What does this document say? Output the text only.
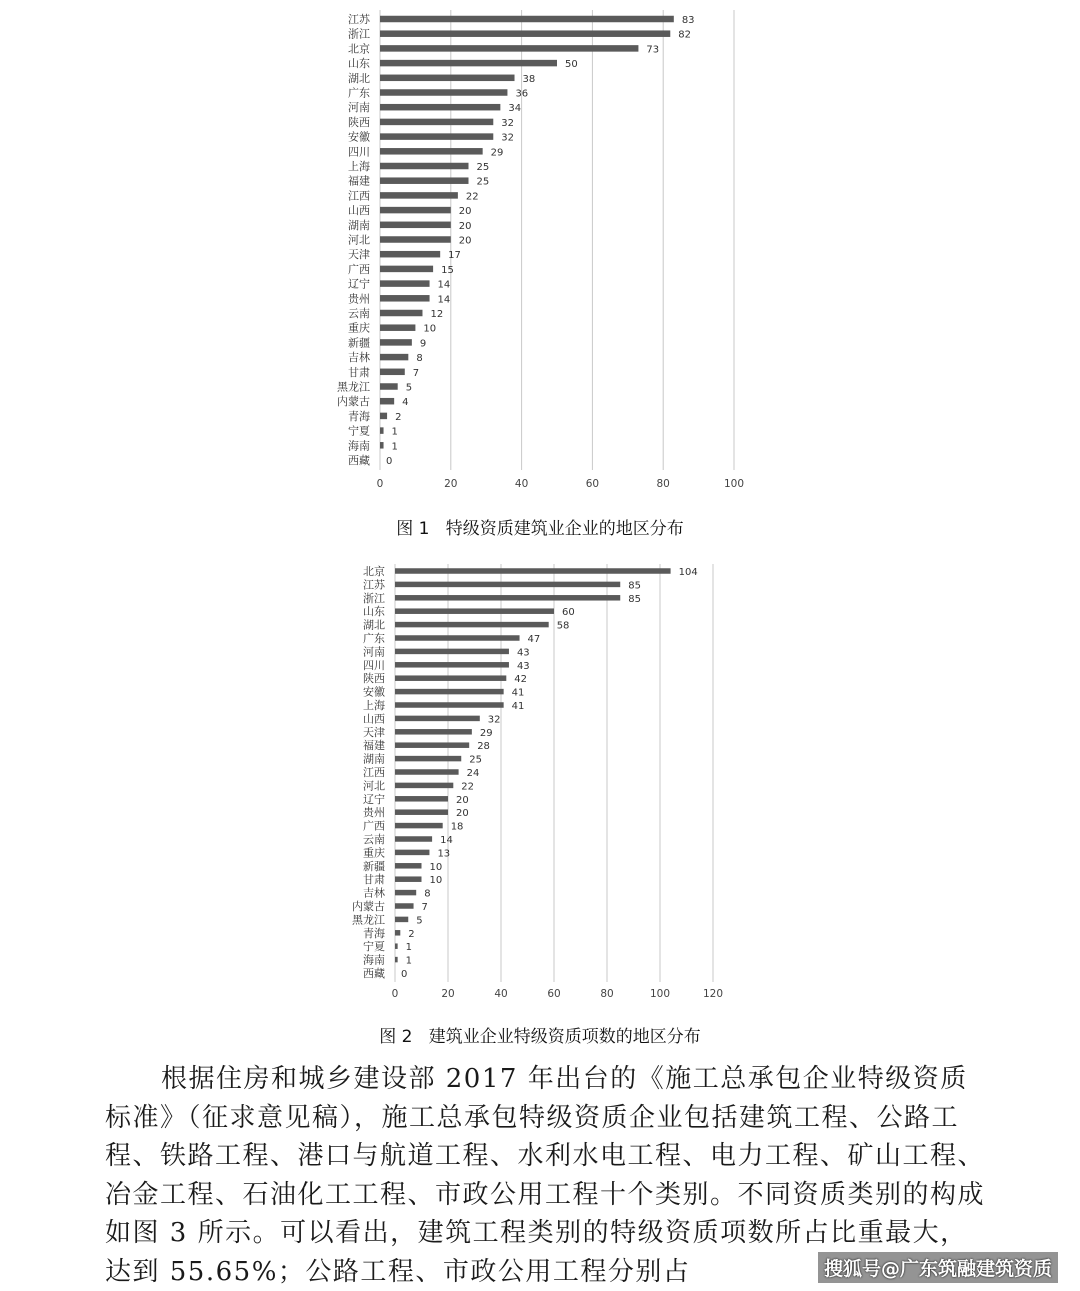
0	20	40	60	80	100
江苏	83
浙江	82
北京	73
山东	50
湖北	38
广东	36
河南	34
陕西	32
安徽	32
四川	29
上海	25
福建	25
江西	22
山西	20
湖南	20
河北	20
天津	17
广西	15
辽宁	14
贵州	14
云南	12
重庆	10
新疆	9
吉林	8
甘肃	7
黑龙江	5
内蒙古	4
青海	2
宁夏 1
海南 1
西藏 0
图 1   特级资质建筑业企业的地区分布
0	20	40	60	80	100	120
北京	104
江苏	85
浙江	85
山东	60
湖北	58
广东	47
河南	43
四川	43
陕西	42
安徽	41
上海	41
山西	32
天津	29
福建	28
湖南	25
江西	24
河北	22
辽宁	20
贵州	20
广西	18
云南	14
重庆	13
新疆	10
甘肃	10
吉林	8
内蒙古	7
黑龙江	5
青海 2
宁夏 1
海南 1
西藏 0
图 2   建筑业企业特级资质项数的地区分布

根据住房和城乡建设部 2017 年出台的《施工总承包企业特级资质标准》（征求意见稿），施工总承包特级资质企业包括建筑工程、公路工程、铁路工程、港口与航道工程、水利水电工程、电力工程、矿山工程、冶金工程、石油化工工程、市政公用工程十个类别。不同资质类别的构成如图 3 所示。可以看出，建筑工程类别的特级资质项数所占比重最大，达到 55.65%；公路工程、市政公用工程分别占	搜狐号@广东筑融建筑资质
